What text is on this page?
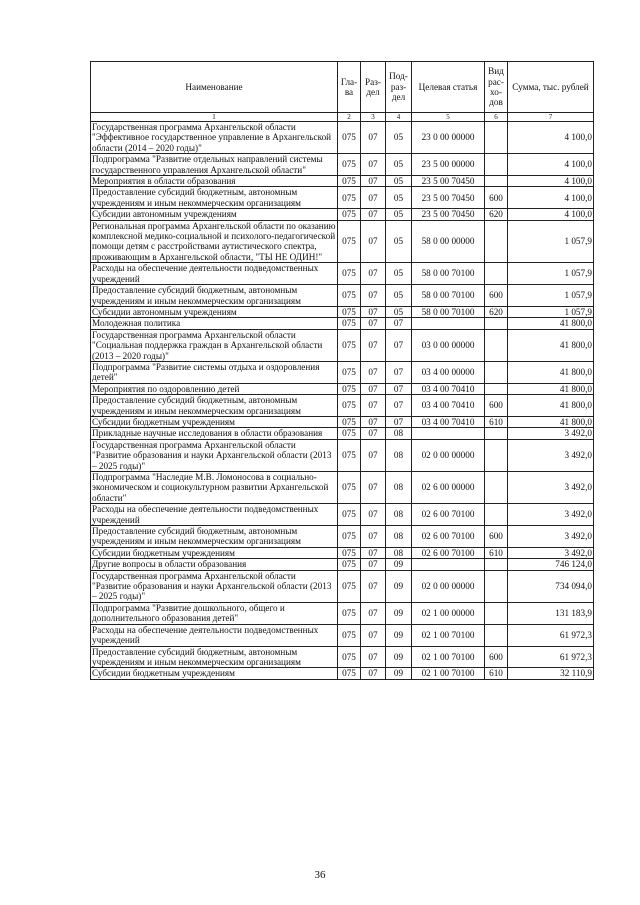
Наименование	Гла-ва	Раз-дел	Под-раз-дел	Целевая статья	Вид рас-хо-дов	Сумма, тыс. рублей
1	2	3	4	5	6	7
Государственная программа Архангельской области "Эффективное государственное управление в Архангельской области (2014 – 2020 годы)"	075	07	05	23 0 00 00000		4 100,0
Подпрограмма "Развитие отдельных направлений системы государственного управления Архангельской области"	075	07	05	23 5 00 00000		4 100,0
Мероприятия в области образования	075	07	05	23 5 00 70450		4 100,0
Предоставление субсидий бюджетным, автономным учреждениям и иным некоммерческим организациям	075	07	05	23 5 00 70450	600	4 100,0
Субсидии автономным учреждениям	075	07	05	23 5 00 70450	620	4 100,0
Региональная программа Архангельской области по оказанию комплексной медико-социальной и психолого-педагогической помощи детям с расстройствами аутистического спектра, проживающим в Архангельской области, "ТЫ НЕ ОДИН!"	075	07	05	58 0 00 00000		1 057,9
Расходы на обеспечение деятельности подведомственных учреждений	075	07	05	58 0 00 70100		1 057,9
Предоставление субсидий бюджетным, автономным учреждениям и иным некоммерческим организациям	075	07	05	58 0 00 70100	600	1 057,9
Субсидии автономным учреждениям	075	07	05	58 0 00 70100	620	1 057,9
Молодежная политика	075	07	07			41 800,0
Государственная программа Архангельской области "Социальная поддержка граждан в Архангельской области (2013 – 2020 годы)"	075	07	07	03 0 00 00000		41 800,0
Подпрограмма "Развитие системы отдыха и оздоровления детей"	075	07	07	03 4 00 00000		41 800,0
Мероприятия по оздоровлению детей	075	07	07	03 4 00 70410		41 800,0
Предоставление субсидий бюджетным, автономным учреждениям и иным некоммерческим организациям	075	07	07	03 4 00 70410	600	41 800,0
Субсидии бюджетным учреждениям	075	07	07	03 4 00 70410	610	41 800,0
Прикладные научные исследования в области образования	075	07	08			3 492,0
Государственная программа Архангельской области "Развитие образования и науки Архангельской области (2013 – 2025 годы)"	075	07	08	02 0 00 00000		3 492,0
Подпрограмма "Наследие М.В. Ломоносова в социально-экономическом и социокультурном развитии Архангельской области"	075	07	08	02 6 00 00000		3 492,0
Расходы на обеспечение деятельности подведомственных учреждений	075	07	08	02 6 00 70100		3 492,0
Предоставление субсидий бюджетным, автономным учреждениям и иным некоммерческим организациям	075	07	08	02 6 00 70100	600	3 492,0
Субсидии бюджетным учреждениям	075	07	08	02 6 00 70100	610	3 492,0
Другие вопросы в области образования	075	07	09			746 124,0
Государственная программа Архангельской области "Развитие образования и науки Архангельской области (2013 – 2025 годы)"	075	07	09	02 0 00 00000		734 094,0
Подпрограмма "Развитие дошкольного, общего и дополнительного образования детей"	075	07	09	02 1 00 00000		131 183,9
Расходы на обеспечение деятельности подведомственных учреждений	075	07	09	02 1 00 70100		61 972,3
Предоставление субсидий бюджетным, автономным учреждениям и иным некоммерческим организациям	075	07	09	02 1 00 70100	600	61 972,3
Субсидии бюджетным учреждениям	075	07	09	02 1 00 70100	610	32 110,9
36
